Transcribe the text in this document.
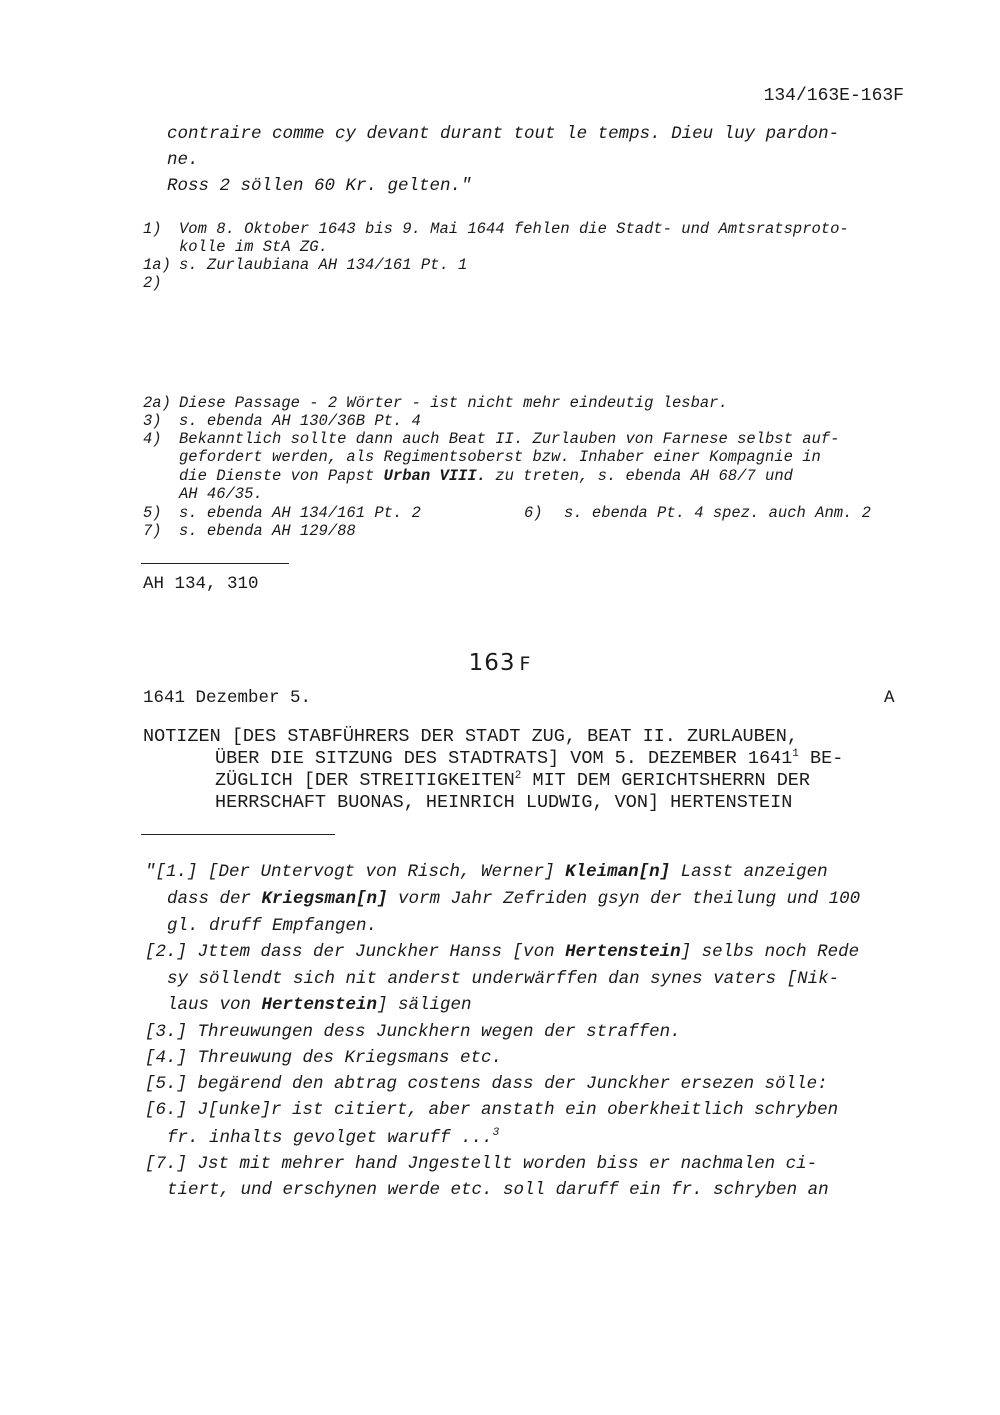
134/163E-163F
contraire comme cy devant durant tout le temps. Dieu luy pardon-
ne.
Ross 2 söllen 60 Kr. gelten."
1) Vom 8. Oktober 1643 bis 9. Mai 1644 fehlen die Stadt- und Amtsratsproto-
kolle im StA ZG.
1a) s. Zurlaubiana AH 134/161 Pt. 1
2)
2a) Diese Passage - 2 Wörter - ist nicht mehr eindeutig lesbar.
3) s. ebenda AH 130/36B Pt. 4
4) Bekanntlich sollte dann auch Beat II. Zurlauben von Farnese selbst auf-
gefordert werden, als Regimentsoberst bzw. Inhaber einer Kompagnie in
die Dienste von Papst Urban VIII. zu treten, s. ebenda AH 68/7 und
AH 46/35.
5) s. ebenda AH 134/161 Pt. 2	6) s. ebenda Pt. 4 spez. auch Anm. 2
7) s. ebenda AH 129/88
AH 134, 310
163 F
1641 Dezember 5.	A
NOTIZEN [DES STABFÜHRERS DER STADT ZUG, BEAT II. ZURLAUBEN,
ÜBER DIE SITZUNG DES STADTRATS] VOM 5. DEZEMBER 1641$^1$ BE-
ZÜGLICH [DER STREITIGKEITEN$^2$ MIT DEM GERICHTSHERRN DER
HERRSCHAFT BUONAS, HEINRICH LUDWIG, VON] HERTENSTEIN
"[1.] [Der Untervogt von Risch, Werner] Kleiman[n] Lasst anzeigen
dass der Kriegsman[n] vorm Jahr Zefriden gsyn der theilung und 100
gl. druff Empfangen.
[2.] Jttem dass der Junckher Hanss [von Hertenstein] selbs noch Rede
sy söllendt sich nit anderst underwärffen dan synes vaters [Nik-
laus von Hertenstein] säligen
[3.] Threuwungen dess Junckhern wegen der straffen.
[4.] Threuwung des Kriegsmans etc.
[5.] begärend den abtrag costens dass der Junckher ersezen sölle:
[6.] J[unke]r ist citiert, aber anstath ein oberkheitlich schryben
fr. inhalts gevolget waruff ...$^3$
[7.] Jst mit mehrer hand Jngestellt worden biss er nachmalen ci-
tiert, und erschynen werde etc. soll daruff ein fr. schryben an
